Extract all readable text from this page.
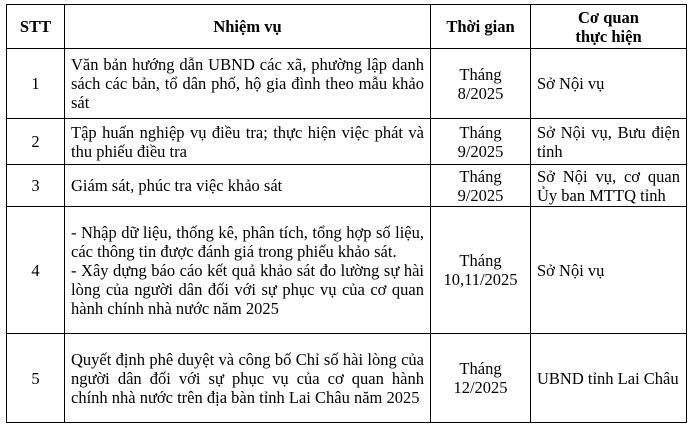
STT	Nhiệm vụ	Thời gian	Cơ quan
thực hiện

1	Văn bản hướng dẫn UBND các xã, phường lập danh sách các bản, tổ dân phố, hộ gia đình theo mẫu khảo sát	Tháng
8/2025	Sở Nội vụ
2	Tập huấn nghiệp vụ điều tra; thực hiện việc phát và thu phiếu điều tra	Tháng
9/2025	Sở Nội vụ, Bưu điện tỉnh
3	Giám sát, phúc tra việc khảo sát	Tháng
9/2025	Sở Nội vụ, cơ quan Ủy ban MTTQ tỉnh
4	- Nhập dữ liệu, thống kê, phân tích, tổng hợp số liệu, các thông tin được đánh giá trong phiếu khảo sát.
- Xây dựng báo cáo kết quả khảo sát đo lường sự hài lòng của người dân đối với sự phục vụ của cơ quan hành chính nhà nước năm 2025	Tháng
10,11/2025	Sở Nội vụ
5	Quyết định phê duyệt và công bố Chỉ số hài lòng của người dân đối với sự phục vụ của cơ quan hành chính nhà nước trên địa bàn tỉnh Lai Châu năm 2025	Tháng
12/2025	UBND tỉnh Lai Châu
